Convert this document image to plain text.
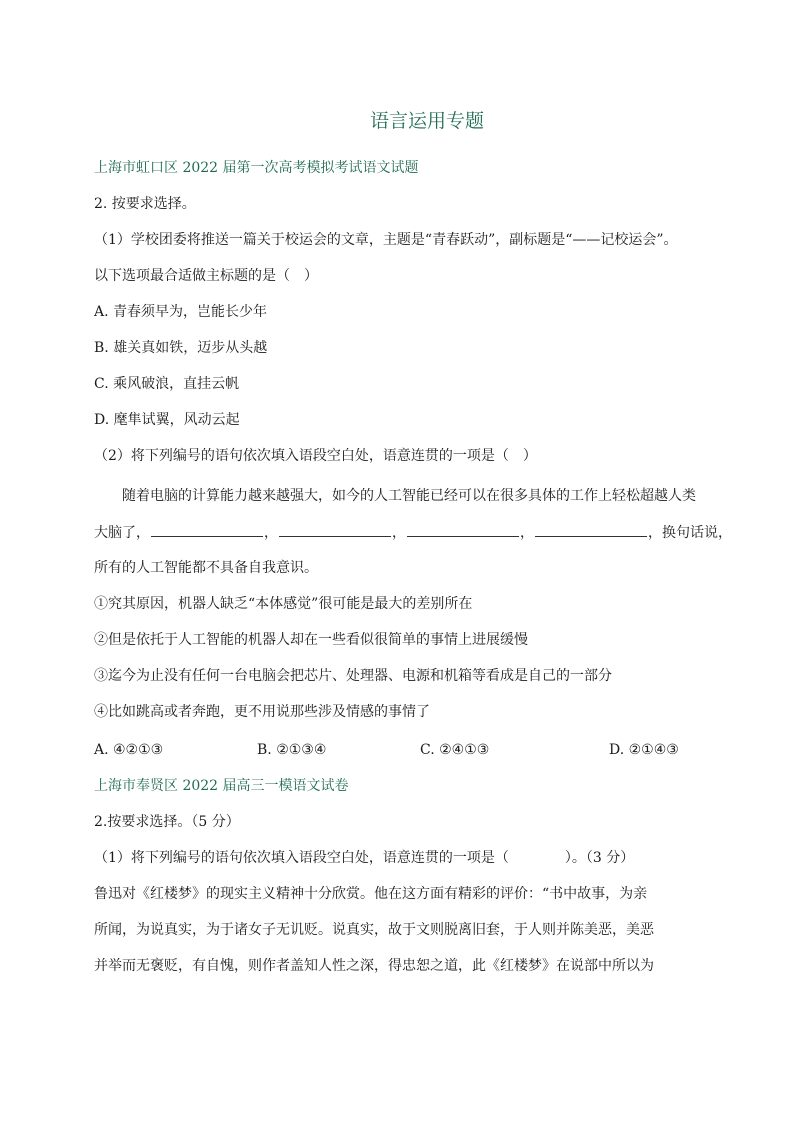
语言运用专题
上海市虹口区 2022 届第一次高考模拟考试语文试题
2. 按要求选择。
（1）学校团委将推送一篇关于校运会的文章，主题是“青春跃动”，副标题是“——记校运会”。
以下选项最合适做主标题的是（　）
A. 青春须早为，岂能长少年
B. 雄关真如铁，迈步从头越
C. 乘风破浪，直挂云帆
D. 麾隼试翼，风动云起
（2）将下列编号的语句依次填入语段空白处，语意连贯的一项是（　）
随着电脑的计算能力越来越强大，如今的人工智能已经可以在很多具体的工作上轻松超越人类
大脑了，	，	，	，	，换句话说，
所有的人工智能都不具备自我意识。
①究其原因，机器人缺乏“本体感觉”很可能是最大的差别所在
②但是依托于人工智能的机器人却在一些看似很简单的事情上进展缓慢
③迄今为止没有任何一台电脑会把芯片、处理器、电源和机箱等看成是自己的一部分
④比如跳高或者奔跑，更不用说那些涉及情感的事情了
A. ④②①③	B. ②①③④	C. ②④①③	D. ②①④③
上海市奉贤区 2022 届高三一模语文试卷
2.按要求选择。（5 分）
（1）将下列编号的语句依次填入语段空白处，语意连贯的一项是（　　　　）。（3 分）
鲁迅对《红楼梦》的现实主义精神十分欣赏。他在这方面有精彩的评价：“书中故事，为亲
所闻，为说真实，为于诸女子无讥贬。说真实，故于文则脱离旧套，于人则并陈美恶，美恶
并举而无褒贬，有自愧，则作者盖知人性之深，得忠恕之道，此《红楼梦》在说部中所以为
